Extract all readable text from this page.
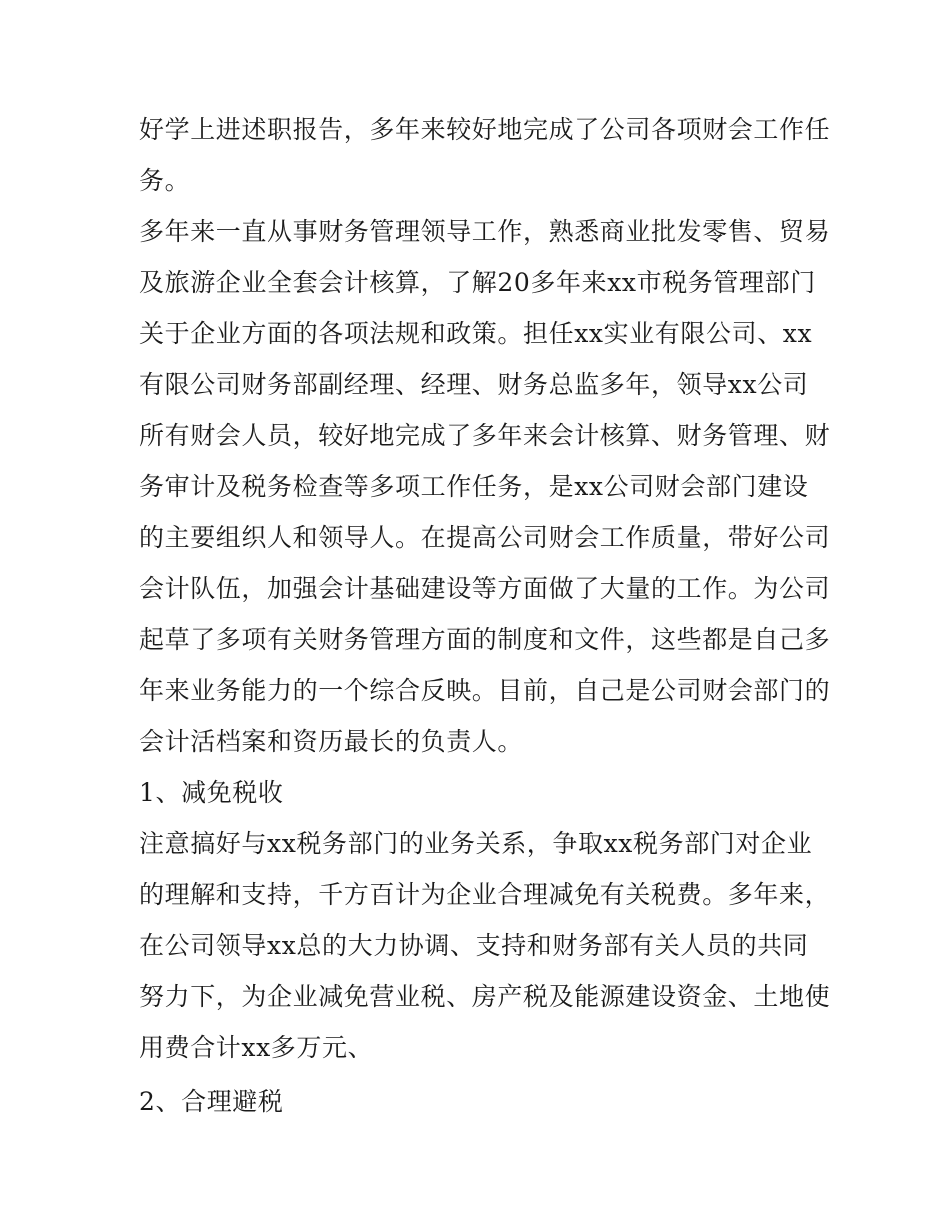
好学上进述职报告，多年来较好地完成了公司各项财会工作任
务。
多年来一直从事财务管理领导工作，熟悉商业批发零售、贸易
及旅游企业全套会计核算，了解20多年来xx市税务管理部门
关于企业方面的各项法规和政策。担任xx实业有限公司、xx
有限公司财务部副经理、经理、财务总监多年，领导xx公司
所有财会人员，较好地完成了多年来会计核算、财务管理、财
务审计及税务检查等多项工作任务，是xx公司财会部门建设
的主要组织人和领导人。在提高公司财会工作质量，带好公司
会计队伍，加强会计基础建设等方面做了大量的工作。为公司
起草了多项有关财务管理方面的制度和文件，这些都是自己多
年来业务能力的一个综合反映。目前，自己是公司财会部门的
会计活档案和资历最长的负责人。
1、减免税收
注意搞好与xx税务部门的业务关系，争取xx税务部门对企业
的理解和支持，千方百计为企业合理减免有关税费。多年来，
在公司领导xx总的大力协调、支持和财务部有关人员的共同
努力下，为企业减免营业税、房产税及能源建设资金、土地使
用费合计xx多万元、
2、合理避税
